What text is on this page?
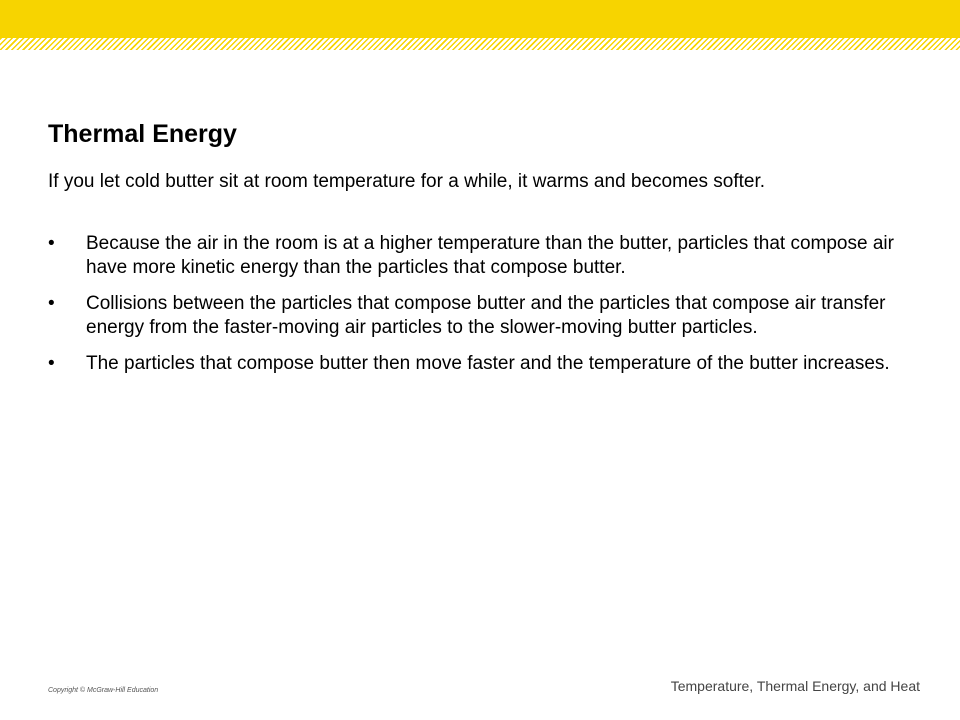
Thermal Energy

If you let cold butter sit at room temperature for a while, it warms and becomes softer.

• Because the air in the room is at a higher temperature than the butter, particles that compose air have more kinetic energy than the particles that compose butter.
• Collisions between the particles that compose butter and the particles that compose air transfer energy from the faster-moving air particles to the slower-moving butter particles.
• The particles that compose butter then move faster and the temperature of the butter increases.
Copyright © McGraw-Hill Education	Temperature, Thermal Energy, and Heat
